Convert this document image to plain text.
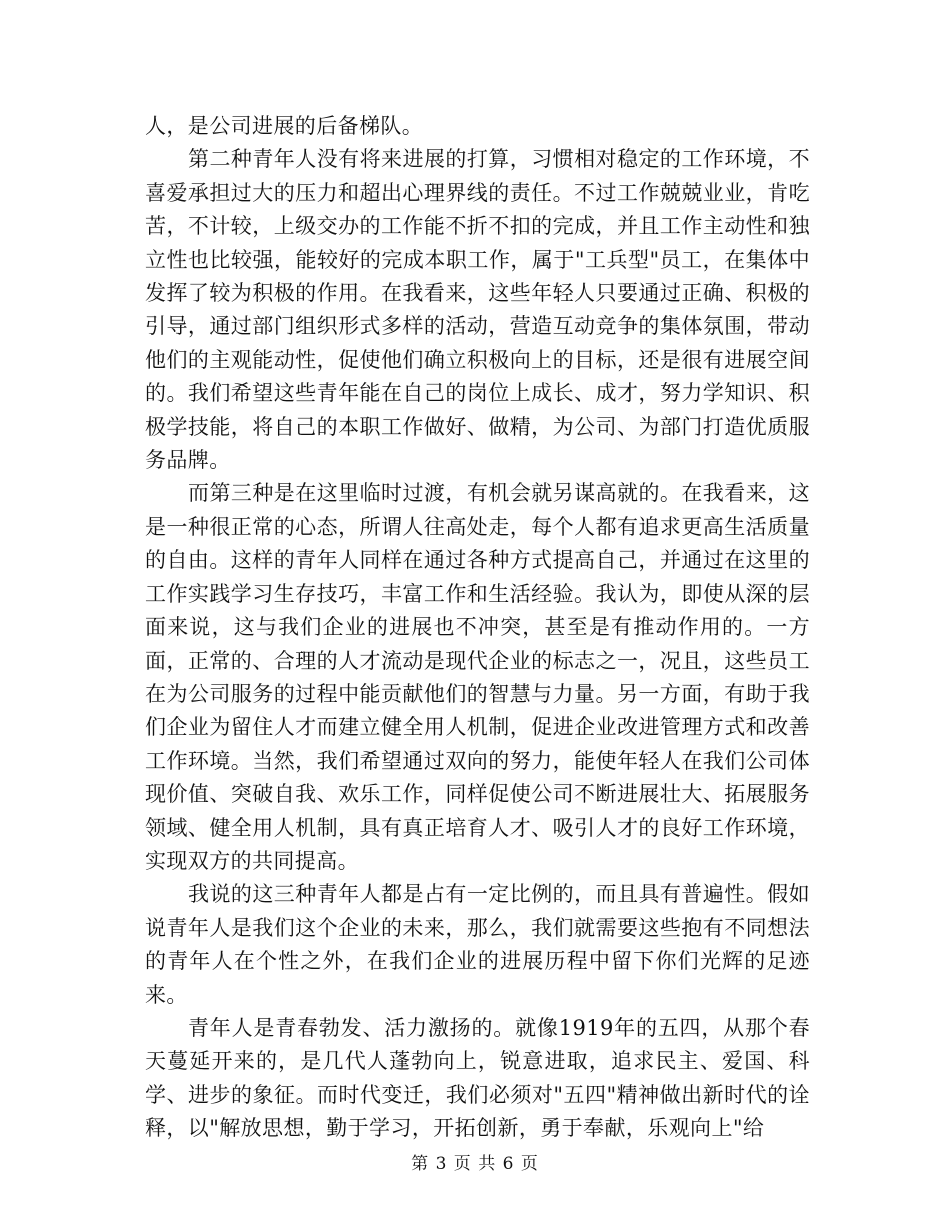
人，是公司进展的后备梯队。

第二种青年人没有将来进展的打算，习惯相对稳定的工作环境，不喜爱承担过大的压力和超出心理界线的责任。不过工作兢兢业业，肯吃苦，不计较，上级交办的工作能不折不扣的完成，并且工作主动性和独立性也比较强，能较好的完成本职工作，属于"工兵型"员工，在集体中发挥了较为积极的作用。在我看来，这些年轻人只要通过正确、积极的引导，通过部门组织形式多样的活动，营造互动竞争的集体氛围，带动他们的主观能动性，促使他们确立积极向上的目标，还是很有进展空间的。我们希望这些青年能在自己的岗位上成长、成才，努力学知识、积极学技能，将自己的本职工作做好、做精，为公司、为部门打造优质服务品牌。

而第三种是在这里临时过渡，有机会就另谋高就的。在我看来，这是一种很正常的心态，所谓人往高处走，每个人都有追求更高生活质量的自由。这样的青年人同样在通过各种方式提高自己，并通过在这里的工作实践学习生存技巧，丰富工作和生活经验。我认为，即使从深的层面来说，这与我们企业的进展也不冲突，甚至是有推动作用的。一方面，正常的、合理的人才流动是现代企业的标志之一，况且，这些员工在为公司服务的过程中能贡献他们的智慧与力量。另一方面，有助于我们企业为留住人才而建立健全用人机制，促进企业改进管理方式和改善工作环境。当然，我们希望通过双向的努力，能使年轻人在我们公司体现价值、突破自我、欢乐工作，同样促使公司不断进展壮大、拓展服务领域、健全用人机制，具有真正培育人才、吸引人才的良好工作环境，实现双方的共同提高。

我说的这三种青年人都是占有一定比例的，而且具有普遍性。假如说青年人是我们这个企业的未来，那么，我们就需要这些抱有不同想法的青年人在个性之外，在我们企业的进展历程中留下你们光辉的足迹来。

青年人是青春勃发、活力激扬的。就像1919年的五四，从那个春天蔓延开来的，是几代人蓬勃向上，锐意进取，追求民主、爱国、科学、进步的象征。而时代变迁，我们必须对"五四"精神做出新时代的诠释，以"解放思想，勤于学习，开拓创新，勇于奉献，乐观向上"给

第 3 页 共 6 页
